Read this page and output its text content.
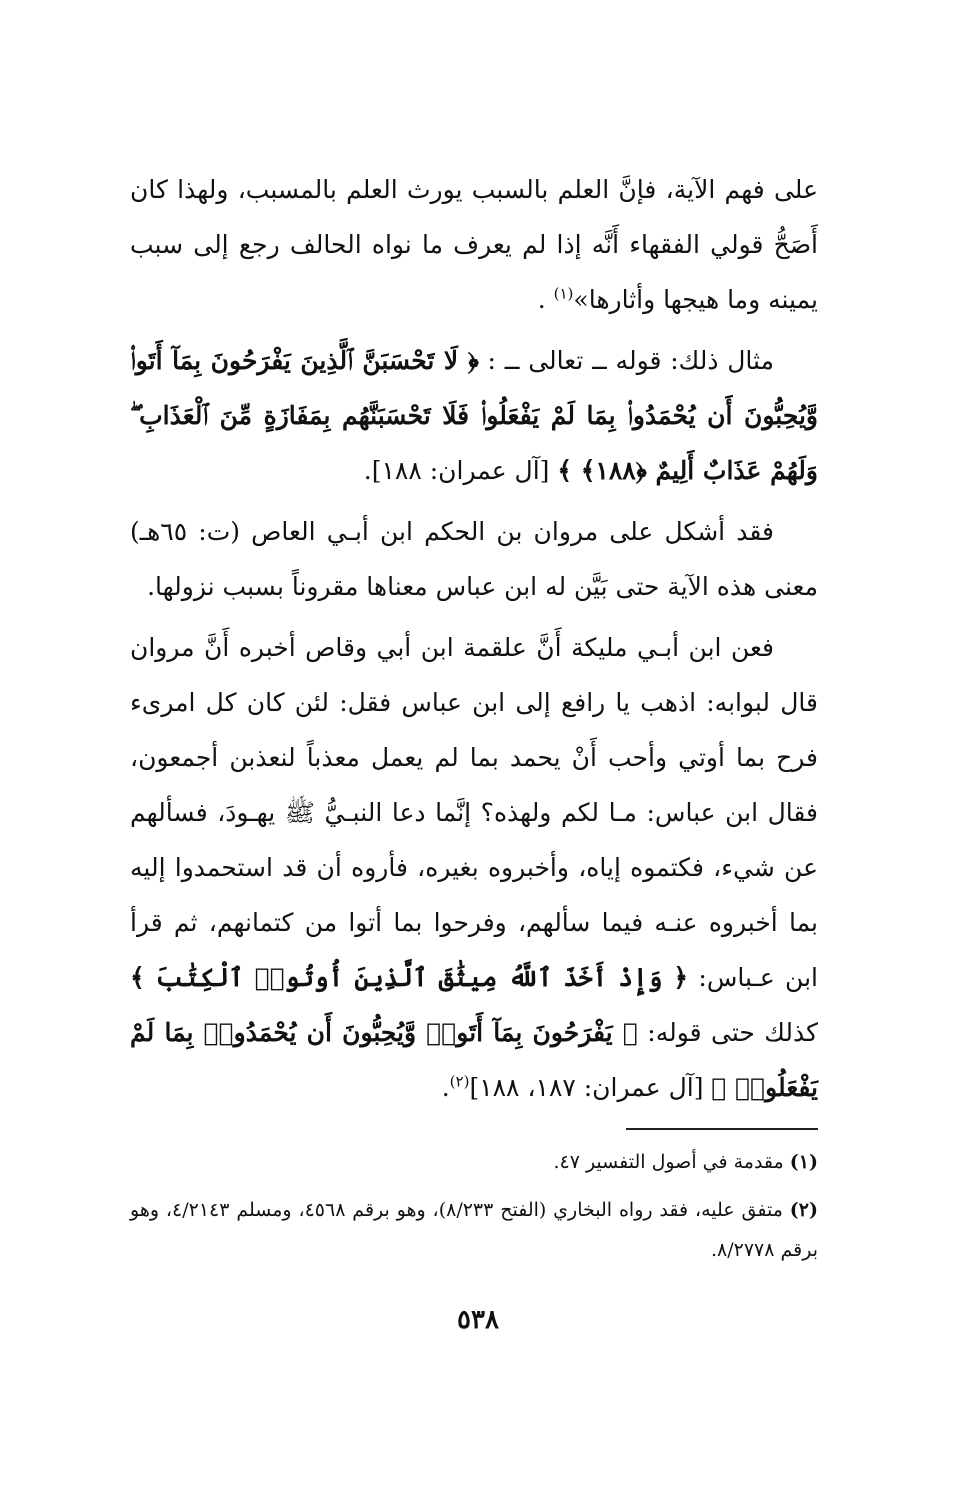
على فهم الآية، فإنَّ العلم بالسبب يورث العلم بالمسبب، ولهذا كان أَصَحُّ قولي الفقهاء أَنَّه إذا لم يعرف ما نواه الحالف رجع إلى سبب يمينه وما هيجها وأثارها»$^{(١)}$ .

مثال ذلك: قوله ــ تعالى ــ : ﴿ لَا تَحْسَبَنَّ ٱلَّذِينَ يَفْرَحُونَ بِمَآ أَتَوا۟ وَّيُحِبُّونَ أَن يُحْمَدُوا۟ بِمَا لَمْ يَفْعَلُوا۟ فَلَا تَحْسَبَنَّهُم بِمَفَازَةٍ مِّنَ ٱلْعَذَابِ ۖ وَلَهُمْ عَذَابٌ أَلِيمٌ ﴿١٨٨﴾ ﴾ [آل عمران: ١٨٨].

فقد أشكل على مروان بن الحكم ابن أبـي العاص (ت: ٦٥هـ) معنى هذه الآية حتى بَيَّن له ابن عباس معناها مقروناً بسبب نزولها.

فعن ابن أبـي مليكة أَنَّ علقمة ابن أبي وقاص أخبره أَنَّ مروان قال لبوابه: اذهب يا رافع إلى ابن عباس فقل: لئن كان كل امرىء فرح بما أوتي وأحب أَنْ يحمد بما لم يعمل معذباً لنعذبن أجمعون، فقال ابن عباس: مـا لكم ولهذه؟ إنَّما دعا النبـيُّ ﷺ يهـودَ، فسألهم عن شيء، فكتموه إياه، وأخبروه بغيره، فأروه أن قد استحمدوا إليه بما أخبروه عنـه فيما سألهم، وفرحوا بما أتوا من كتمانهم، ثم قرأ ابن عـباس: ﴿ وَإِذْ أَخَذَ ٱللَّهُ مِيثَٰقَ ٱلَّذِينَ أُوتُوا۟ ٱلْكِتَٰبَ ﴾ كذلك حتى قوله: ﴿ يَفْرَحُونَ بِمَآ أَتَوا۟ وَّيُحِبُّونَ أَن يُحْمَدُوا۟ بِمَا لَمْ يَفْعَلُوا۟ ﴾ [آل عمران: ١٨٧، ١٨٨]$^{(٢)}$.

(١) مقدمة في أصول التفسير ٤٧.

(٢) متفق عليه، فقد رواه البخاري (الفتح ٨/٢٣٣)، وهو برقم ٤٥٦٨، ومسلم ٤/٢١٤٣، وهو برقم ٨/٢٧٧٨.

٥٣٨
